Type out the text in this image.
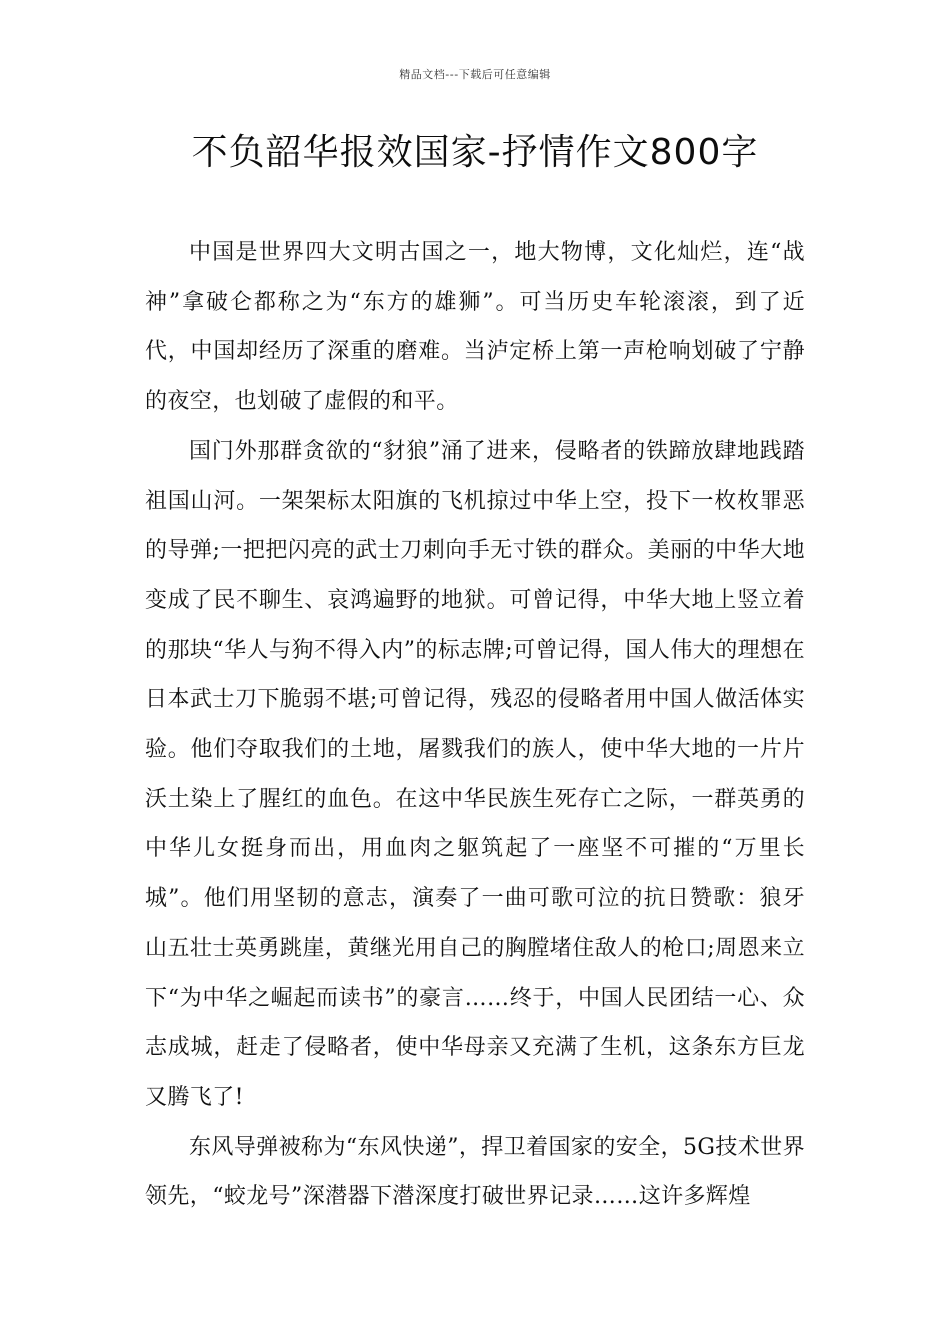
精品文档---下载后可任意编辑
不负韶华报效国家-抒情作文800字

中国是世界四大文明古国之一，地大物博，文化灿烂，连“战神”拿破仑都称之为“东方的雄狮”。可当历史车轮滚滚，到了近代，中国却经历了深重的磨难。当泸定桥上第一声枪响划破了宁静的夜空，也划破了虚假的和平。

国门外那群贪欲的“豺狼”涌了进来，侵略者的铁蹄放肆地践踏祖国山河。一架架标太阳旗的飞机掠过中华上空，投下一枚枚罪恶的导弹;一把把闪亮的武士刀刺向手无寸铁的群众。美丽的中华大地变成了民不聊生、哀鸿遍野的地狱。可曾记得，中华大地上竖立着的那块“华人与狗不得入内”的标志牌;可曾记得，国人伟大的理想在日本武士刀下脆弱不堪;可曾记得，残忍的侵略者用中国人做活体实验。他们夺取我们的土地，屠戮我们的族人，使中华大地的一片片沃土染上了腥红的血色。在这中华民族生死存亡之际，一群英勇的中华儿女挺身而出，用血肉之躯筑起了一座坚不可摧的“万里长城”。他们用坚韧的意志，演奏了一曲可歌可泣的抗日赞歌：狼牙山五壮士英勇跳崖，黄继光用自己的胸膛堵住敌人的枪口;周恩来立下“为中华之崛起而读书”的豪言……终于，中国人民团结一心、众志成城，赶走了侵略者，使中华母亲又充满了生机，这条东方巨龙又腾飞了!

东风导弹被称为“东风快递”，捍卫着国家的安全，5G技术世界领先，“蛟龙号”深潜器下潜深度打破世界记录……这许多辉煌
